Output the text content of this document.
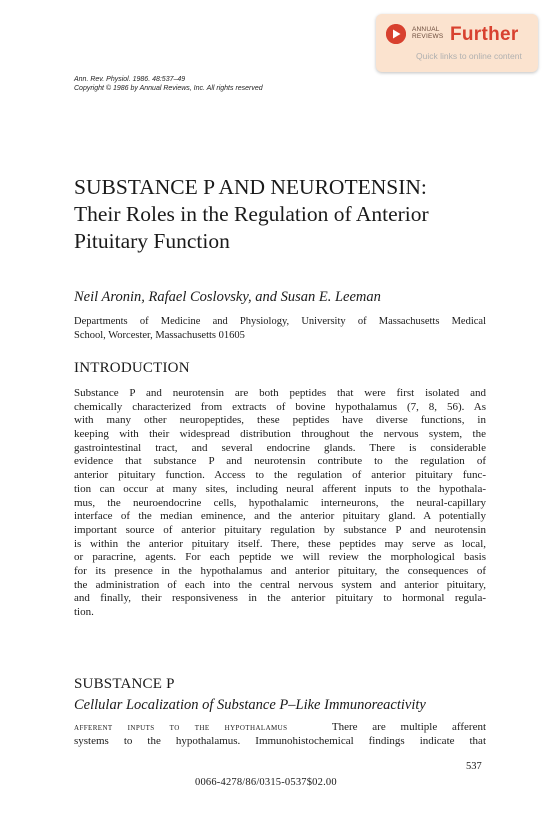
ANNUAL
REVIEWS Further
Quick links to online content
Ann. Rev. Physiol. 1986. 48:537–49
Copyright © 1986 by Annual Reviews, Inc. All rights reserved
SUBSTANCE P AND NEUROTENSIN:
Their Roles in the Regulation of Anterior
Pituitary Function
Neil Aronin, Rafael Coslovsky, and Susan E. Leeman
Departments of Medicine and Physiology, University of Massachusetts Medical
School, Worcester, Massachusetts 01605
INTRODUCTION
Substance P and neurotensin are both peptides that were first isolated and
chemically characterized from extracts of bovine hypothalamus (7, 8, 56). As
with many other neuropeptides, these peptides have diverse functions, in
keeping with their widespread distribution throughout the nervous system, the
gastrointestinal tract, and several endocrine glands. There is considerable
evidence that substance P and neurotensin contribute to the regulation of
anterior pituitary function. Access to the regulation of anterior pituitary func-
tion can occur at many sites, including neural afferent inputs to the hypothala-
mus, the neuroendocrine cells, hypothalamic interneurons, the neural-capillary
interface of the median eminence, and the anterior pituitary gland. A potentially
important source of anterior pituitary regulation by substance P and neurotensin
is within the anterior pituitary itself. There, these peptides may serve as local,
or paracrine, agents. For each peptide we will review the morphological basis
for its presence in the hypothalamus and anterior pituitary, the consequences of
the administration of each into the central nervous system and anterior pituitary,
and finally, their responsiveness in the anterior pituitary to hormonal regula-
tion.
SUBSTANCE P
Cellular Localization of Substance P–Like Immunoreactivity
afferent inputs to the hypothalamus	There are multiple afferent
systems to the hypothalamus. Immunohistochemical findings indicate that
537
0066-4278/86/0315-0537$02.00
